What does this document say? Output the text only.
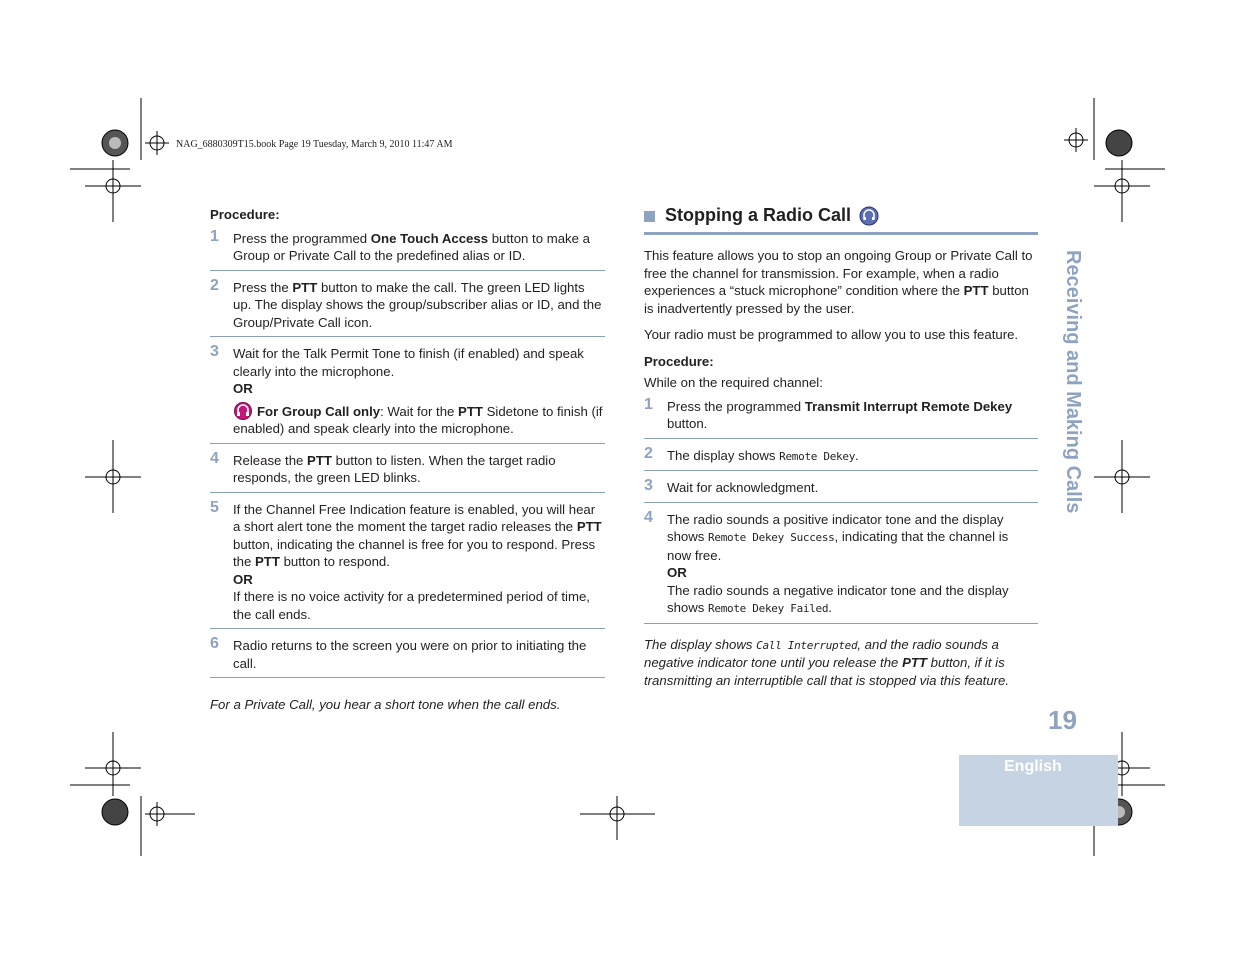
NAG_6880309T15.book Page 19 Tuesday, March 9, 2010 11:47 AM
Procedure:
1 Press the programmed One Touch Access button to make a Group or Private Call to the predefined alias or ID.

2 Press the PTT button to make the call. The green LED lights up. The display shows the group/subscriber alias or ID, and the Group/Private Call icon.

3 Wait for the Talk Permit Tone to finish (if enabled) and speak clearly into the microphone.

OR

For Group Call only: Wait for the PTT Sidetone to finish (if enabled) and speak clearly into the microphone.

4 Release the PTT button to listen. When the target radio responds, the green LED blinks.

5 If the Channel Free Indication feature is enabled, you will hear a short alert tone the moment the target radio releases the PTT button, indicating the channel is free for you to respond. Press the PTT button to respond.

OR

If there is no voice activity for a predetermined period of time, the call ends.

6 Radio returns to the screen you were on prior to initiating the call.

For a Private Call, you hear a short tone when the call ends.

Stopping a Radio Call

This feature allows you to stop an ongoing Group or Private Call to free the channel for transmission. For example, when a radio experiences a “stuck microphone” condition where the PTT button is inadvertently pressed by the user.

Your radio must be programmed to allow you to use this feature.

Procedure:

While on the required channel:

1 Press the programmed Transmit Interrupt Remote Dekey button.

2 The display shows Remote Dekey.

3 Wait for acknowledgment.

4 The radio sounds a positive indicator tone and the display shows Remote Dekey Success, indicating that the channel is now free.

OR

The radio sounds a negative indicator tone and the display shows Remote Dekey Failed.

The display shows Call Interrupted, and the radio sounds a negative indicator tone until you release the PTT button, if it is transmitting an interruptible call that is stopped via this feature.

Receiving and Making Calls
19
English
